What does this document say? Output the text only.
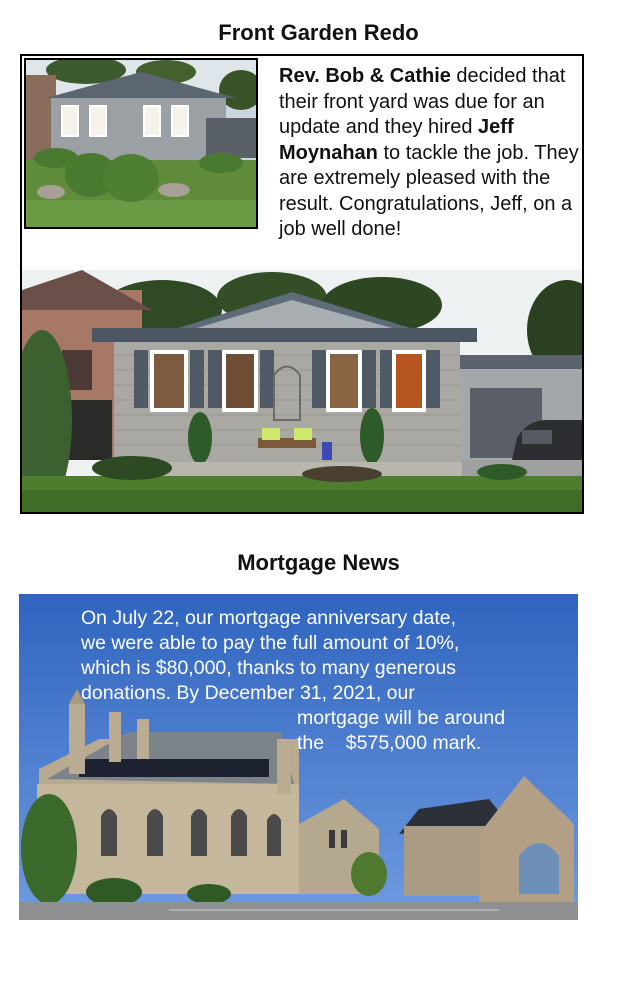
Front Garden Redo
Rev. Bob & Cathie decided that their front yard was due for an update and they hired Jeff Moynahan to tackle the job. They are extremely pleased with the result. Congratulations, Jeff, on a job well done!
Mortgage News
On July 22, our mortgage anniversary date,
we were able to pay the full amount of 10%,
which is $80,000, thanks to many generous
donations. By December 31, 2021, our
mortgage will be around
the    $575,000 mark.
